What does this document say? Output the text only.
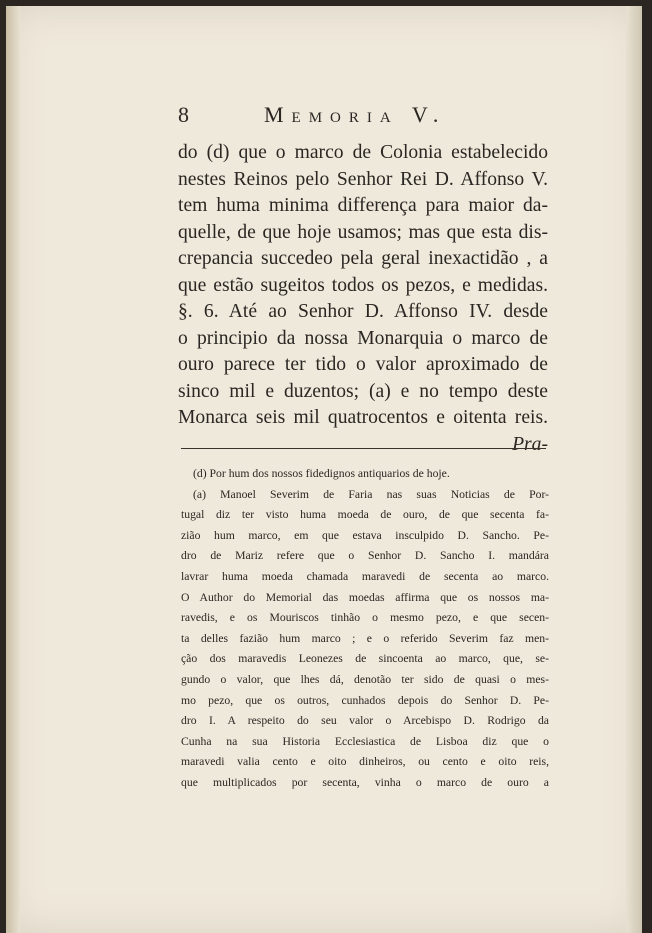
8	Memoria V.
do (d) que o marco de Colonia estabelecido
nestes Reinos pelo Senhor Rei D. Affonso V.
tem huma minima differença para maior da-
quelle, de que hoje usamos; mas que esta dis-
crepancia succedeo pela geral inexactidão , a
que estão sugeitos todos os pezos, e medidas.
§. 6. Até ao Senhor D. Affonso IV. desde
o principio da nossa Monarquia o marco de
ouro parece ter tido o valor aproximado de
sinco mil e duzentos; (a) e no tempo deste
Monarca seis mil quatrocentos e oitenta reis.
Pra-
(d) Por hum dos nossos fidedignos antiquarios de hoje.
(a) Manoel Severim de Faria nas suas Noticias de Por-
tugal diz ter visto huma moeda de ouro, de que secenta fa-
zião hum marco, em que estava insculpido D. Sancho. Pe-
dro de Mariz refere que o Senhor D. Sancho I. mandára
lavrar huma moeda chamada maravedi de secenta ao marco.
O Author do Memorial das moedas affirma que os nossos ma-
ravedis, e os Mouriscos tinhão o mesmo pezo, e que secen-
ta delles fazião hum marco ; e o referido Severim faz men-
ção dos maravedis Leonezes de sincoenta ao marco, que, se-
gundo o valor, que lhes dá, denotão ter sido de quasi o mes-
mo pezo, que os outros, cunhados depois do Senhor D. Pe-
dro I. A respeito do seu valor o Arcebispo D. Rodrigo da
Cunha na sua Historia Ecclesiastica de Lisboa diz que o
maravedi valia cento e oito dinheiros, ou cento e oito reis,
que multiplicados por secenta, vinha o marco de ouro a
